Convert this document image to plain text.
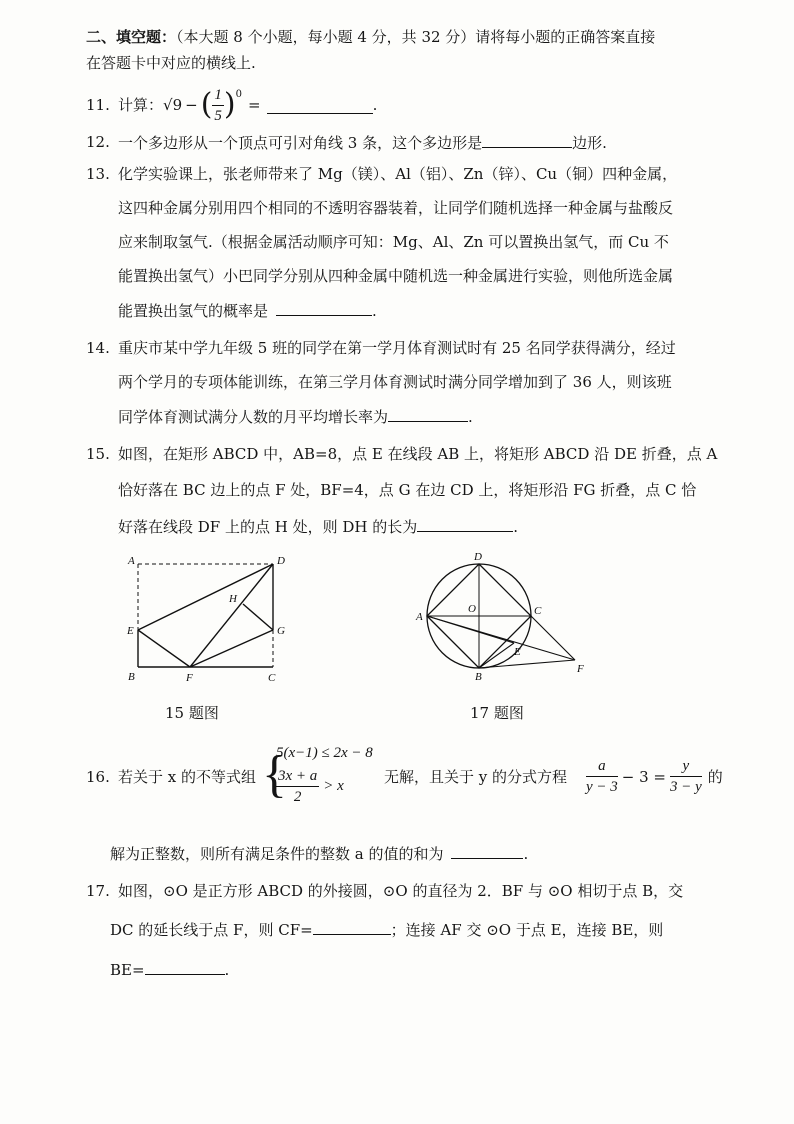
二、填空题：（本大题 8 个小题，每小题 4 分，共 32 分）请将每小题的正确答案直接
在答题卡中对应的横线上.
11. 计算： √9 − ( $\frac{1}{5}$ ) 0
=	.
12. 一个多边形从一个顶点可引对角线 3 条，这个多边形是	边形.
13. 化学实验课上，张老师带来了 Mg（镁）、Al（铝）、Zn（锌）、Cu（铜）四种金属，
这四种金属分别用四个相同的不透明容器装着，让同学们随机选择一种金属与盐酸反
应来制取氢气.（根据金属活动顺序可知：Mg、Al、Zn 可以置换出氢气，而 Cu 不
能置换出氢气）小巴同学分别从四种金属中随机选一种金属进行实验，则他所选金属
能置换出氢气的概率是	.
14. 重庆市某中学九年级 5 班的同学在第一学月体育测试时有 25 名同学获得满分，经过
两个学月的专项体能训练，在第三学月体育测试时满分同学增加到了 36 人，则该班
同学体育测试满分人数的月平均增长率为	.
15. 如图，在矩形 ABCD 中，AB=8，点 E 在线段 AB 上，将矩形 ABCD 沿 DE 折叠，点 A
恰好落在 BC 边上的点 F 处，BF=4，点 G 在边 CD 上，将矩形沿 FG 折叠，点 C 恰
好落在线段 DF 上的点 H 处，则 DH 的长为	.
A	D
H
E	G
B	F	C
15 题图
D
A
O	C
E
B
F
17 题图
16. 若关于 x 的不等式组 {
5(x−1) ≤ 2x − 8
$\frac{3x + a}{2} > x$	无解，且关于 y 的分式方程 $\frac{a}{y - 3} - 3 = \frac{y}{3 - y}$ 的
解为正整数，则所有满足条件的整数 a 的值的和为	.
17. 如图，⊙O 是正方形 ABCD 的外接圆，⊙O 的直径为 2．BF 与 ⊙O 相切于点 B，交
DC 的延长线于点 F，则 CF=	；连接 AF 交 ⊙O 于点 E，连接 BE，则
BE=	.
